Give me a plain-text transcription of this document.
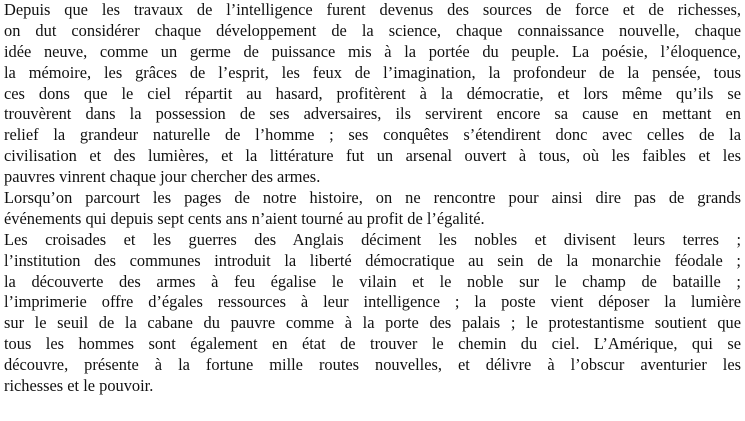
Depuis que les travaux de l’intelligence furent devenus des sources de force et de richesses,
on dut considérer chaque développement de la science, chaque connaissance nouvelle, chaque
idée neuve, comme un germe de puissance mis à la portée du peuple. La poésie, l’éloquence,
la mémoire, les grâces de l’esprit, les feux de l’imagination, la profondeur de la pensée, tous
ces dons que le ciel répartit au hasard, profitèrent à la démocratie, et lors même qu’ils se
trouvèrent dans la possession de ses adversaires, ils servirent encore sa cause en mettant en
relief la grandeur naturelle de l’homme ; ses conquêtes s’étendirent donc avec celles de la
civilisation et des lumières, et la littérature fut un arsenal ouvert à tous, où les faibles et les
pauvres vinrent chaque jour chercher des armes.
Lorsqu’on parcourt les pages de notre histoire, on ne rencontre pour ainsi dire pas de grands
événements qui depuis sept cents ans n’aient tourné au profit de l’égalité.
Les croisades et les guerres des Anglais déciment les nobles et divisent leurs terres ;
l’institution des communes introduit la liberté démocratique au sein de la monarchie féodale ;
la découverte des armes à feu égalise le vilain et le noble sur le champ de bataille ;
l’imprimerie offre d’égales ressources à leur intelligence ; la poste vient déposer la lumière
sur le seuil de la cabane du pauvre comme à la porte des palais ; le protestantisme soutient que
tous les hommes sont également en état de trouver le chemin du ciel. L’Amérique, qui se
découvre, présente à la fortune mille routes nouvelles, et délivre à l’obscur aventurier les
richesses et le pouvoir.
